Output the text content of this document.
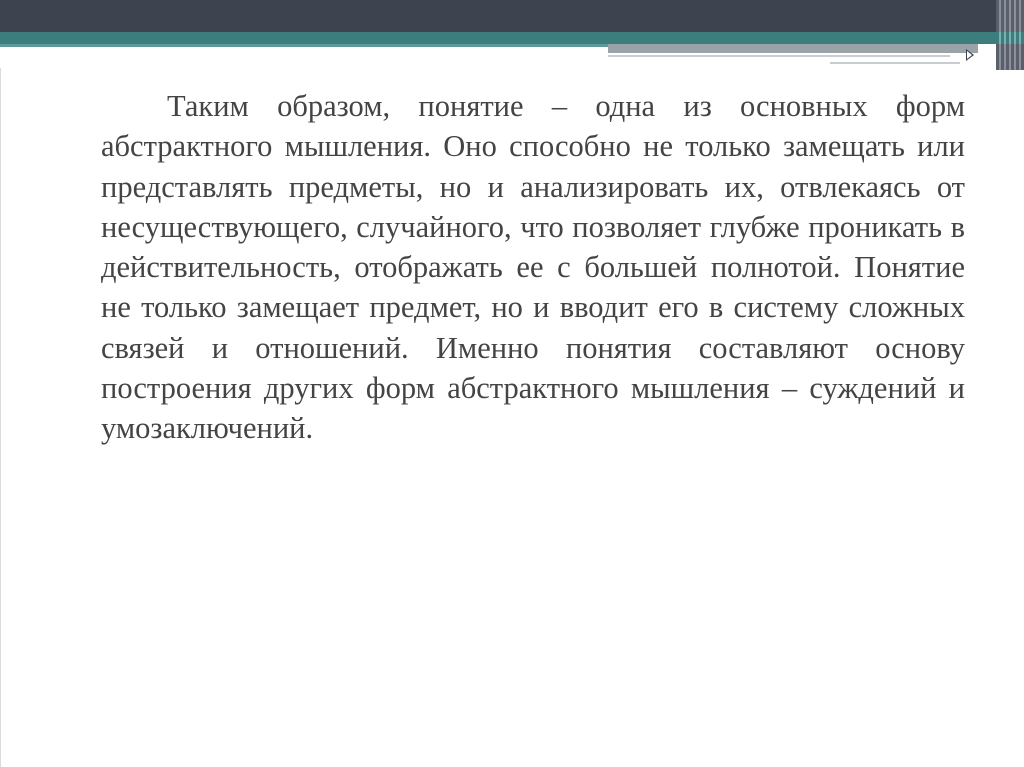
Таким образом, понятие – одна из основных форм абстрактного мышления. Оно способно не только замещать или представлять предметы, но и анализировать их, отвлекаясь от несуществующего, случайного, что позволяет глубже проникать в действительность, отображать ее с большей полнотой. Понятие не только замещает предмет, но и вводит его в систему сложных связей и отношений. Именно понятия составляют основу построения других форм абстрактного мышления – суждений и умозаключений.
